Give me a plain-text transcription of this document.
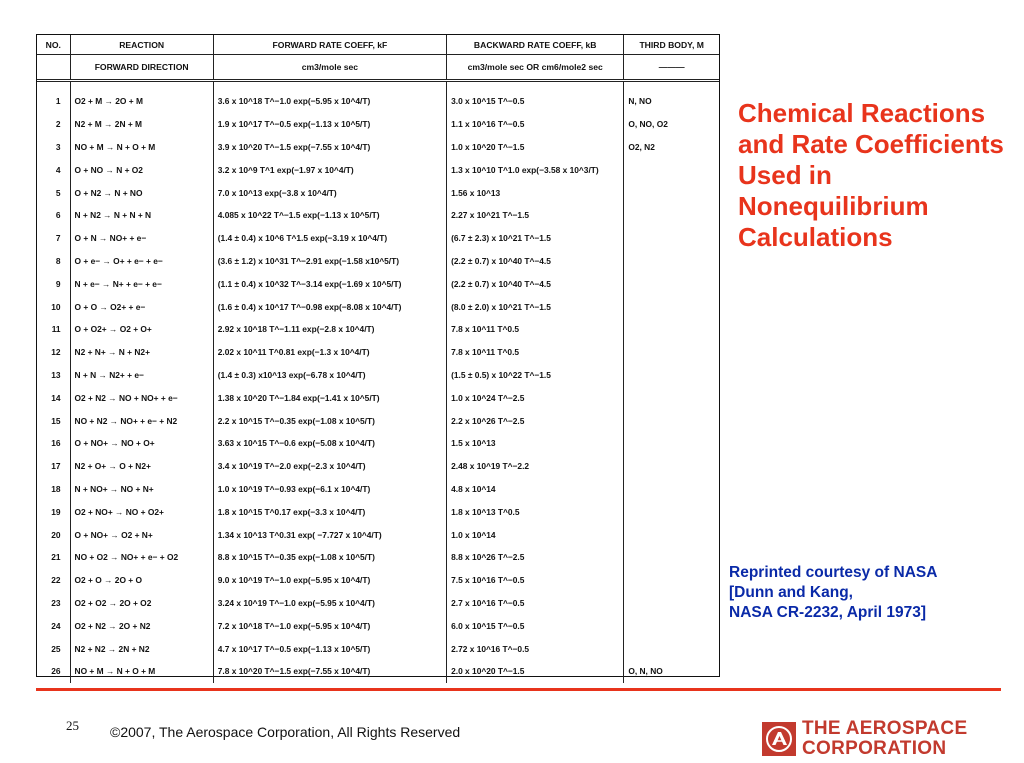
NO.	REACTION	FORWARD RATE COEFF, kF	BACKWARD RATE COEFF, kB	THIRD BODY, M
	FORWARD DIRECTION	cm3/mole sec	cm3/mole sec OR cm6/mole2 sec	———
1	O2 + M → 2O + M	3.6 x 10^18 T^−1.0 exp(−5.95 x 10^4/T)	3.0 x 10^15 T^−0.5	N, NO
2	N2 + M → 2N + M	1.9 x 10^17 T^−0.5 exp(−1.13 x 10^5/T)	1.1 x 10^16 T^−0.5	O, NO, O2
3	NO + M → N + O + M	3.9 x 10^20 T^−1.5 exp(−7.55 x 10^4/T)	1.0 x 10^20 T^−1.5	O2, N2
4	O + NO → N + O2	3.2 x 10^9 T^1 exp(−1.97 x 10^4/T)	1.3 x 10^10 T^1.0 exp(−3.58 x 10^3/T)	
5	O + N2 → N + NO	7.0 x 10^13 exp(−3.8 x 10^4/T)	1.56 x 10^13	
6	N + N2 → N + N + N	4.085 x 10^22 T^−1.5 exp(−1.13 x 10^5/T)	2.27 x 10^21 T^−1.5	
7	O + N → NO+ + e−	(1.4 ± 0.4) x 10^6 T^1.5 exp(−3.19 x 10^4/T)	(6.7 ± 2.3) x 10^21 T^−1.5	
8	O + e− → O+ + e− + e−	(3.6 ± 1.2) x 10^31 T^−2.91 exp(−1.58 x10^5/T)	(2.2 ± 0.7) x 10^40 T^−4.5	
9	N + e− → N+ + e− + e−	(1.1 ± 0.4) x 10^32 T^−3.14 exp(−1.69 x 10^5/T)	(2.2 ± 0.7) x 10^40 T^−4.5	
10	O + O → O2+ + e−	(1.6 ± 0.4) x 10^17 T^−0.98 exp(−8.08 x 10^4/T)	(8.0 ± 2.0) x 10^21 T^−1.5	
11	O + O2+ → O2 + O+	2.92 x 10^18 T^−1.11 exp(−2.8 x 10^4/T)	7.8 x 10^11 T^0.5	
12	N2 + N+ → N + N2+	2.02 x 10^11 T^0.81 exp(−1.3 x 10^4/T)	7.8 x 10^11 T^0.5	
13	N + N → N2+ + e−	(1.4 ± 0.3) x10^13 exp(−6.78 x 10^4/T)	(1.5 ± 0.5) x 10^22 T^−1.5	
14	O2 + N2 → NO + NO+ + e−	1.38 x 10^20 T^−1.84 exp(−1.41 x 10^5/T)	1.0 x 10^24 T^−2.5	
15	NO + N2 → NO+ + e− + N2	2.2 x 10^15 T^−0.35 exp(−1.08 x 10^5/T)	2.2 x 10^26 T^−2.5	
16	O + NO+ → NO + O+	3.63 x 10^15 T^−0.6 exp(−5.08 x 10^4/T)	1.5 x 10^13	
17	N2 + O+ → O + N2+	3.4 x 10^19 T^−2.0 exp(−2.3 x 10^4/T)	2.48 x 10^19 T^−2.2	
18	N + NO+ → NO + N+	1.0 x 10^19 T^−0.93 exp(−6.1 x 10^4/T)	4.8 x 10^14	
19	O2 + NO+ → NO + O2+	1.8 x 10^15 T^0.17 exp(−3.3 x 10^4/T)	1.8 x 10^13 T^0.5	
20	O + NO+ → O2 + N+	1.34 x 10^13 T^0.31 exp( −7.727 x 10^4/T)	1.0 x 10^14	
21	NO + O2 → NO+ + e− + O2	8.8 x 10^15 T^−0.35 exp(−1.08 x 10^5/T)	8.8 x 10^26 T^−2.5	
22	O2 + O → 2O + O	9.0 x 10^19 T^−1.0 exp(−5.95 x 10^4/T)	7.5 x 10^16 T^−0.5	
23	O2 + O2 → 2O + O2	3.24 x 10^19 T^−1.0 exp(−5.95 x 10^4/T)	2.7 x 10^16 T^−0.5	
24	O2 + N2 → 2O + N2	7.2 x 10^18 T^−1.0 exp(−5.95 x 10^4/T)	6.0 x 10^15 T^−0.5	
25	N2 + N2 → 2N + N2	4.7 x 10^17 T^−0.5 exp(−1.13 x 10^5/T)	2.72 x 10^16 T^−0.5	
26	NO + M → N + O + M	7.8 x 10^20 T^−1.5 exp(−7.55 x 10^4/T)	2.0 x 10^20 T^−1.5	O, N, NO
Chemical Reactions and Rate Coefficients Used in Nonequilibrium Calculations
Reprinted courtesy of NASA
[Dunn and Kang,
NASA CR-2232, April 1973]
25 ©2007, The Aerospace Corporation, All Rights Reserved	THE AEROSPACE
CORPORATION
